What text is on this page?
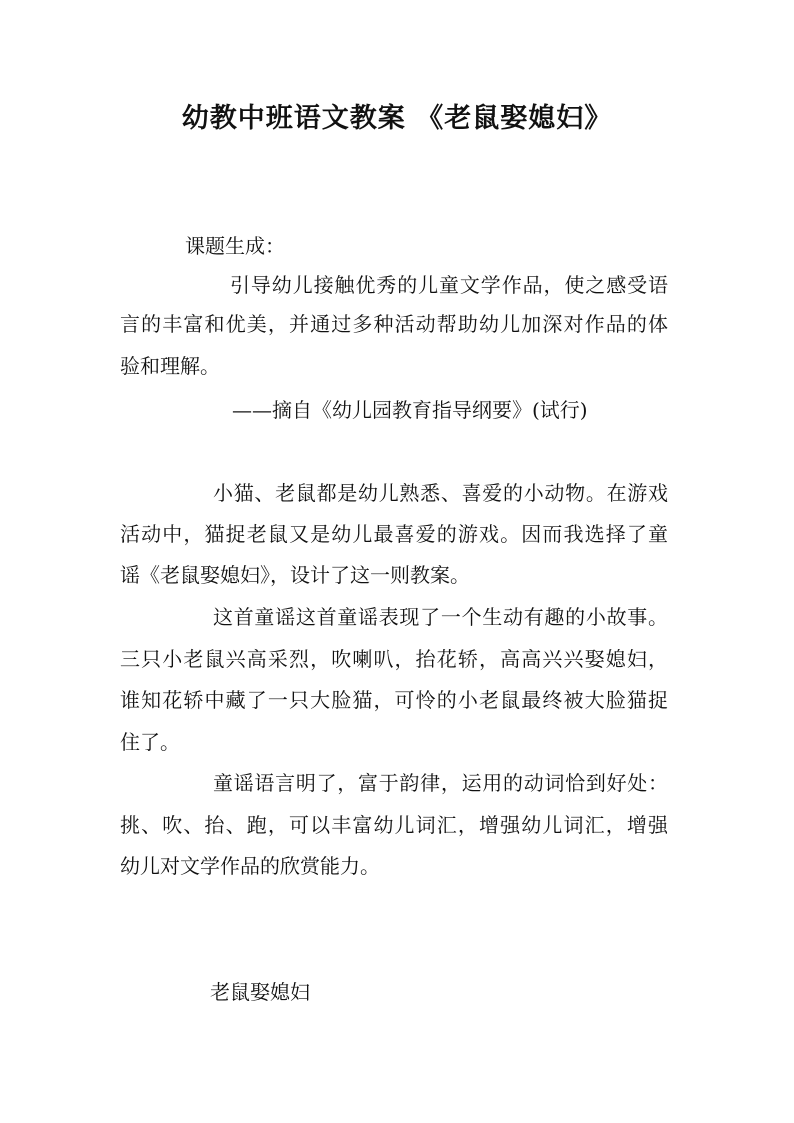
幼教中班语文教案 《老鼠娶媳妇》
课题生成：
引导幼儿接触优秀的儿童文学作品，使之感受语
言的丰富和优美，并通过多种活动帮助幼儿加深对作品的体
验和理解。
——摘自《幼儿园教育指导纲要》(试行)
小猫、老鼠都是幼儿熟悉、喜爱的小动物。在游戏
活动中，猫捉老鼠又是幼儿最喜爱的游戏。因而我选择了童
谣《老鼠娶媳妇》，设计了这一则教案。
这首童谣这首童谣表现了一个生动有趣的小故事。
三只小老鼠兴高采烈，吹喇叭，抬花轿，高高兴兴娶媳妇，
谁知花轿中藏了一只大脸猫，可怜的小老鼠最终被大脸猫捉
住了。
童谣语言明了，富于韵律，运用的动词恰到好处：
挑、吹、抬、跑，可以丰富幼儿词汇，增强幼儿词汇，增强
幼儿对文学作品的欣赏能力。
老鼠娶媳妇
